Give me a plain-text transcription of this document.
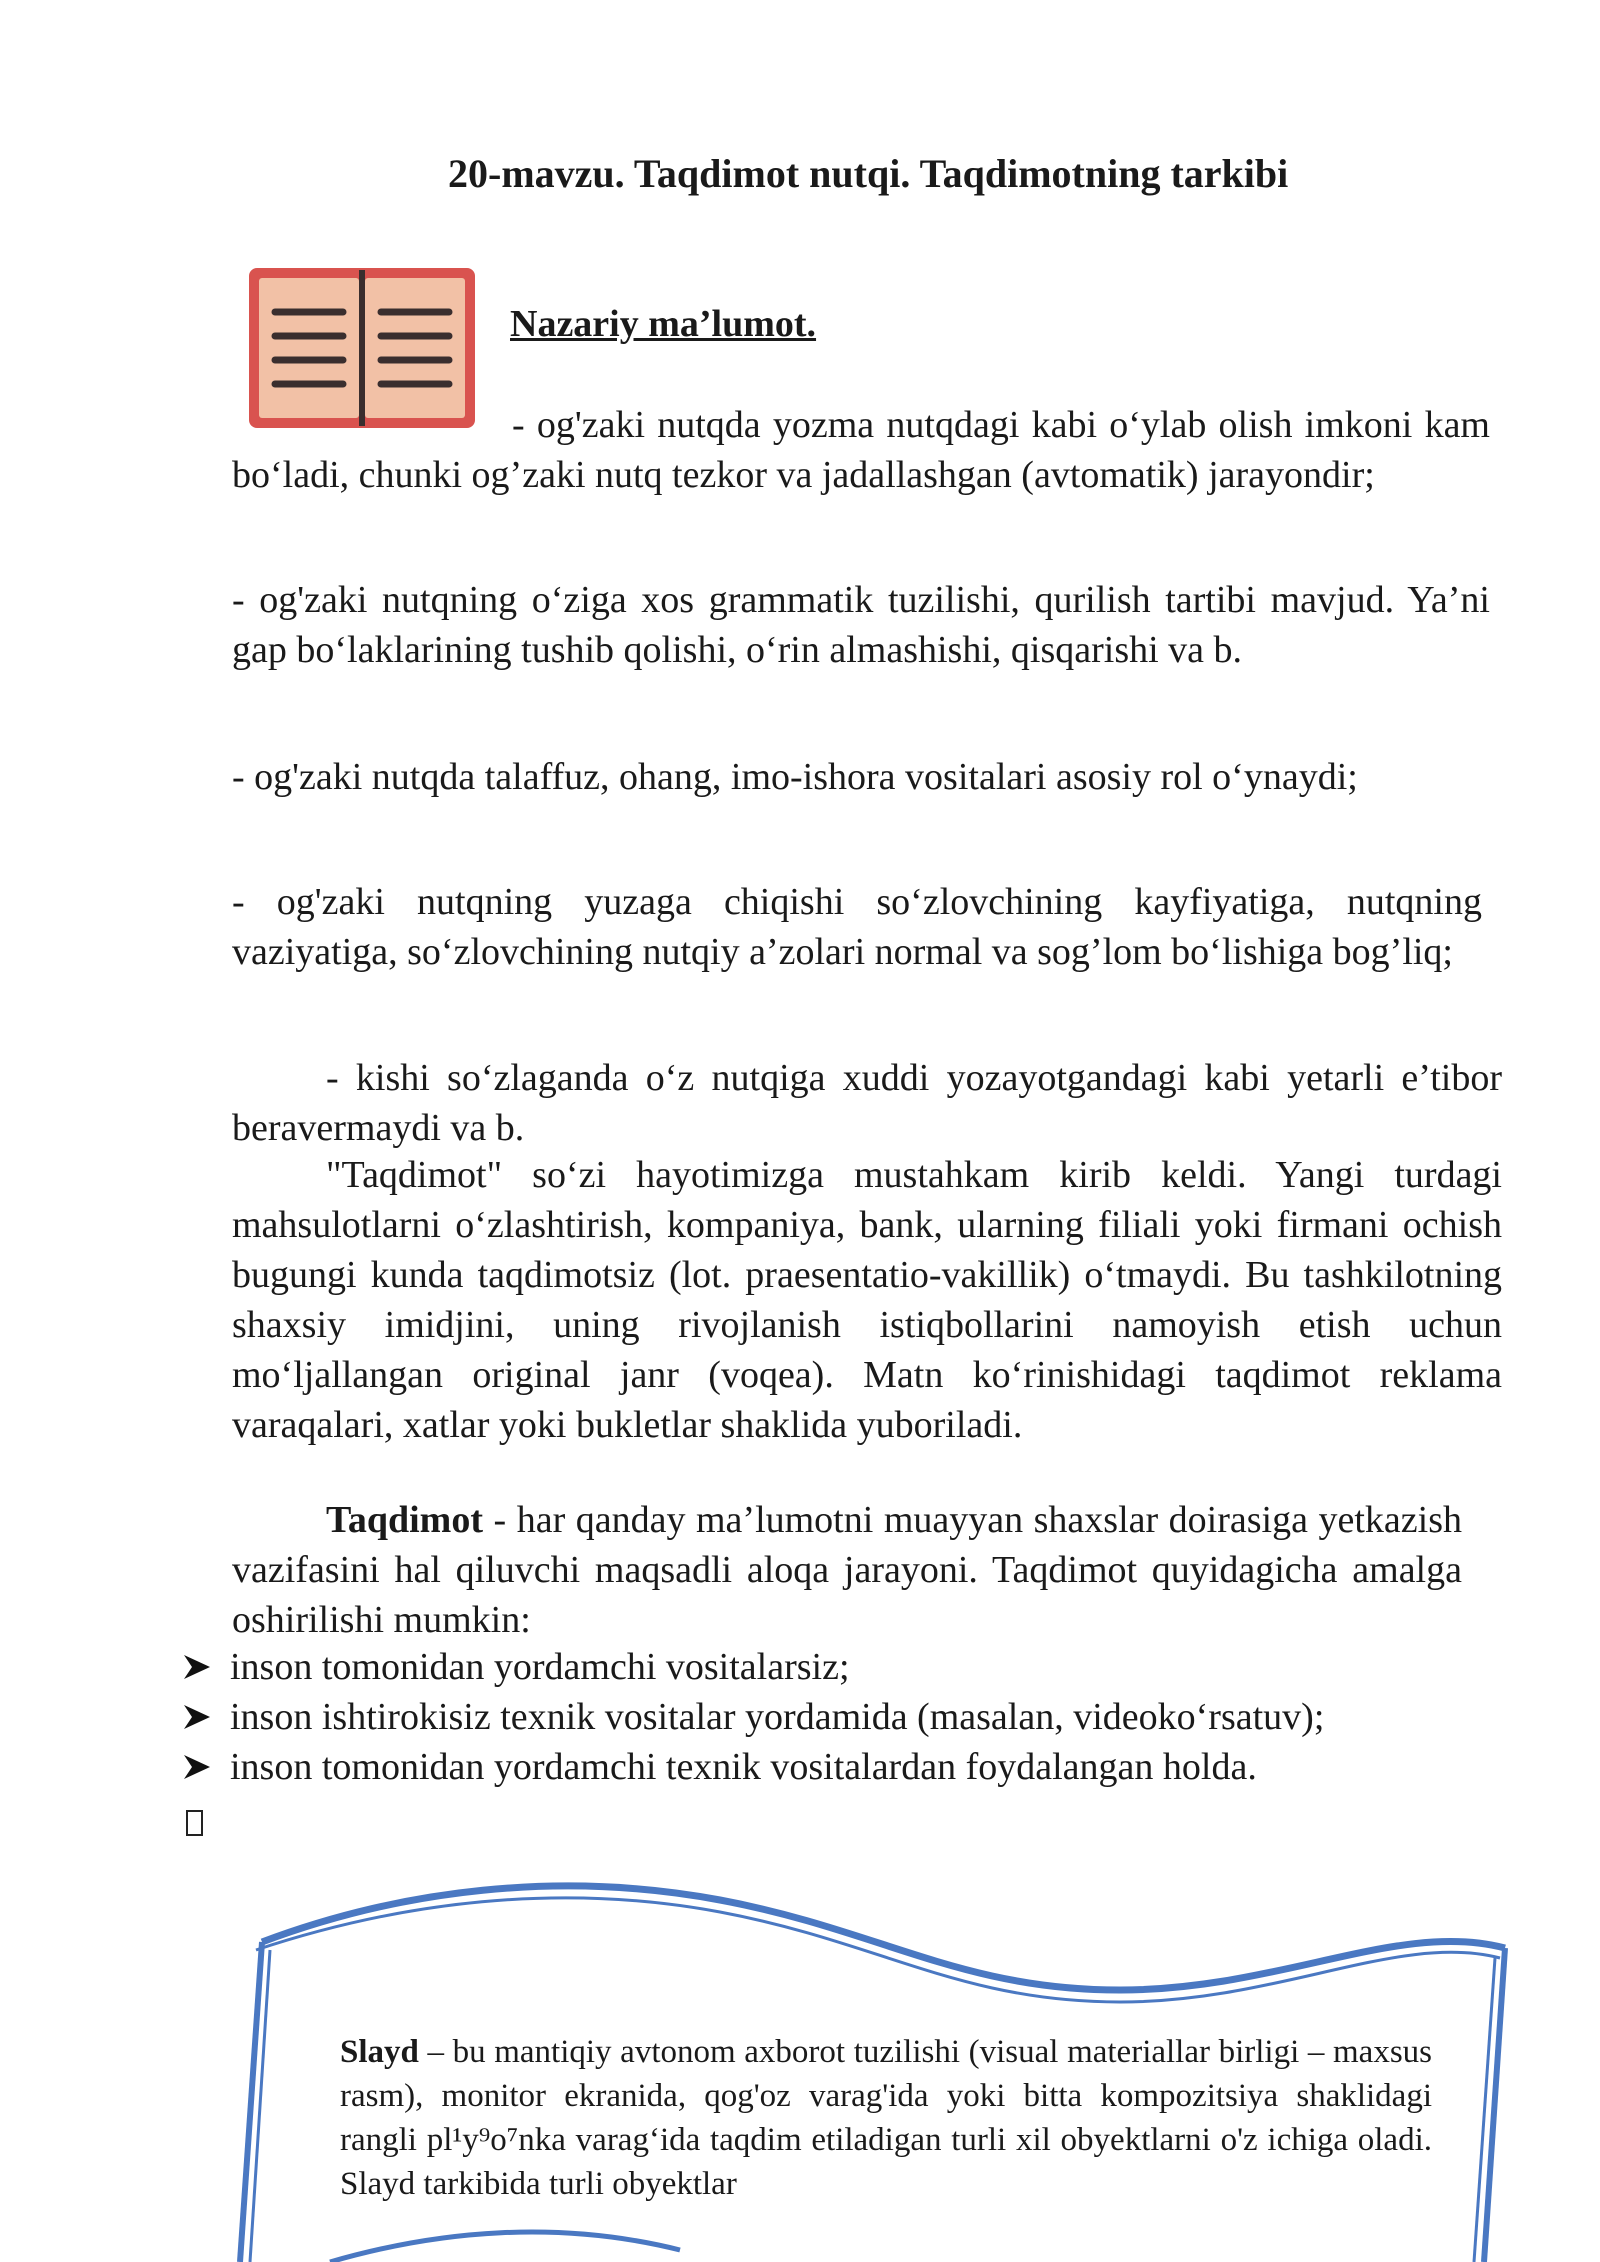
20-mavzu. Taqdimot nutqi. Taqdimotning tarkibi
Nazariy ma’lumot.
- og'zaki nutqda yozma nutqdagi kabi o‘ylab olish imkoni kam bo‘ladi, chunki og’zaki nutq tezkor va jadallashgan (avtomatik) jarayondir;
- og'zaki nutqning o‘ziga xos grammatik tuzilishi, qurilish tartibi mavjud. Ya’ni gap bo‘laklarining tushib qolishi, o‘rin almashishi, qisqarishi va b.
- og'zaki nutqda talaffuz, ohang, imo-ishora vositalari asosiy rol o‘ynaydi;
- og'zaki nutqning yuzaga chiqishi so‘zlovchining kayfiyatiga, nutqning vaziyatiga, so‘zlovchining nutqiy a’zolari normal va sog’lom bo‘lishiga bog’liq;
- kishi so‘zlaganda o‘z nutqiga xuddi yozayotgandagi kabi yetarli e’tibor beravermaydi va b.
"Taqdimot" so‘zi hayotimizga mustahkam kirib keldi. Yangi turdagi mahsulotlarni o‘zlashtirish, kompaniya, bank, ularning filiali yoki firmani ochish bugungi kunda taqdimotsiz (lot. praesentatio-vakillik) o‘tmaydi. Bu tashkilotning shaxsiy imidjini, uning rivojlanish istiqbollarini namoyish etish uchun mo‘ljallangan original janr (voqea). Matn ko‘rinishidagi taqdimot reklama varaqalari, xatlar yoki bukletlar shaklida yuboriladi.
Taqdimot - har qanday ma’lumotni muayyan shaxslar doirasiga yetkazish vazifasini hal qiluvchi maqsadli aloqa jarayoni. Taqdimot quyidagicha amalga oshirilishi mumkin:
inson tomonidan yordamchi vositalarsiz;
inson ishtirokisiz texnik vositalar yordamida (masalan, videoko‘rsatuv);
inson tomonidan yordamchi texnik vositalardan foydalangan holda.
Slayd – bu mantiqiy avtonom axborot tuzilishi (visual materiallar birligi – maxsus rasm), monitor ekranida, qog'oz varag'ida yoki bitta kompozitsiya shaklidagi rangli pl¹y⁹o⁷nka varag‘ida taqdim etiladigan turli xil obyektlarni o'z ichiga oladi. Slayd tarkibida turli obyektlar
